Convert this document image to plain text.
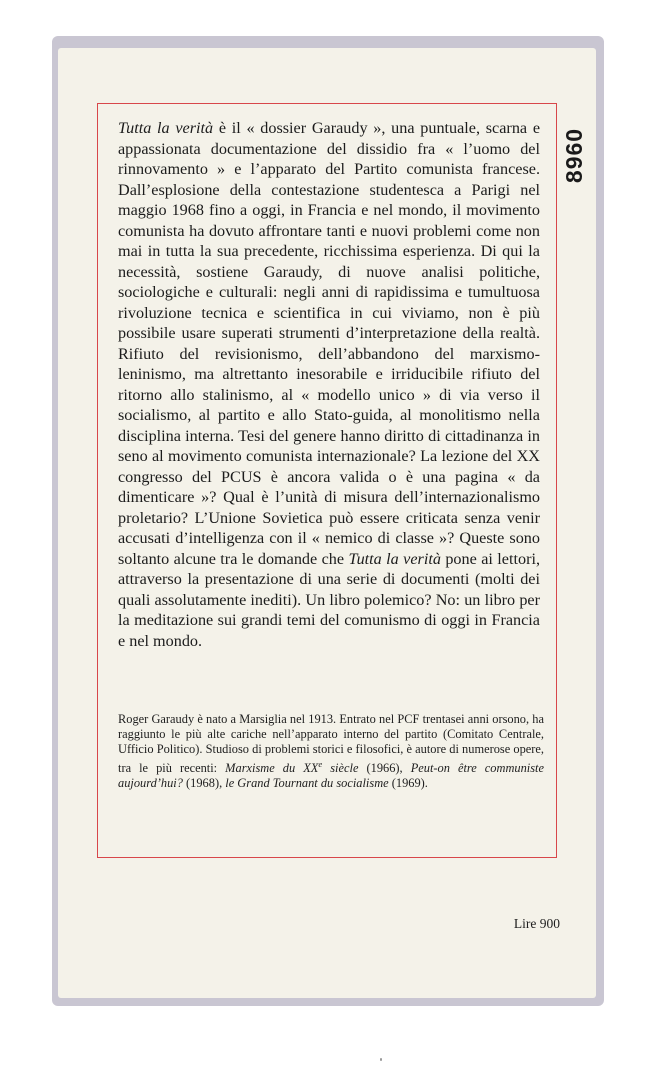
8960

Tutta la verità è il « dossier Garaudy », una puntuale, scarna e appassionata documentazione del dissidio fra « l’uomo del rinnovamento » e l’apparato del Partito comunista francese. Dall’esplosione della contestazione studentesca a Parigi nel maggio 1968 fino a oggi, in Francia e nel mondo, il movimento comunista ha dovuto affrontare tanti e nuovi problemi come non mai in tutta la sua precedente, ricchissima esperienza. Di qui la necessità, sostiene Garaudy, di nuove analisi politiche, sociologiche e culturali: negli anni di rapidissima e tumultuosa rivoluzione tecnica e scientifica in cui viviamo, non è più possibile usare superati strumenti d’interpretazione della realtà. Rifiuto del revisionismo, dell’abbandono del marxismo-leninismo, ma altrettanto inesorabile e irriducibile rifiuto del ritorno allo stalinismo, al « modello unico » di via verso il socialismo, al partito e allo Stato-guida, al monolitismo nella disciplina interna. Tesi del genere hanno diritto di cittadinanza in seno al movimento comunista internazionale? La lezione del XX congresso del PCUS è ancora valida o è una pagina « da dimenticare »? Qual è l’unità di misura dell’internazionalismo proletario? L’Unione Sovietica può essere criticata senza venir accusati d’intelligenza con il « nemico di classe »? Queste sono soltanto alcune tra le domande che Tutta la verità pone ai lettori, attraverso la presentazione di una serie di documenti (molti dei quali assolutamente inediti). Un libro polemico? No: un libro per la meditazione sui grandi temi del comunismo di oggi in Francia e nel mondo.

Roger Garaudy è nato a Marsiglia nel 1913. Entrato nel PCF trentasei anni orsono, ha raggiunto le più alte cariche nell’apparato interno del partito (Comitato Centrale, Ufficio Politico). Studioso di problemi storici e filosofici, è autore di numerose opere, tra le più recenti: Marxisme du XXe siècle (1966), Peut-on être communiste aujourd’hui? (1968), le Grand Tournant du socialisme (1969).

Lire 900
